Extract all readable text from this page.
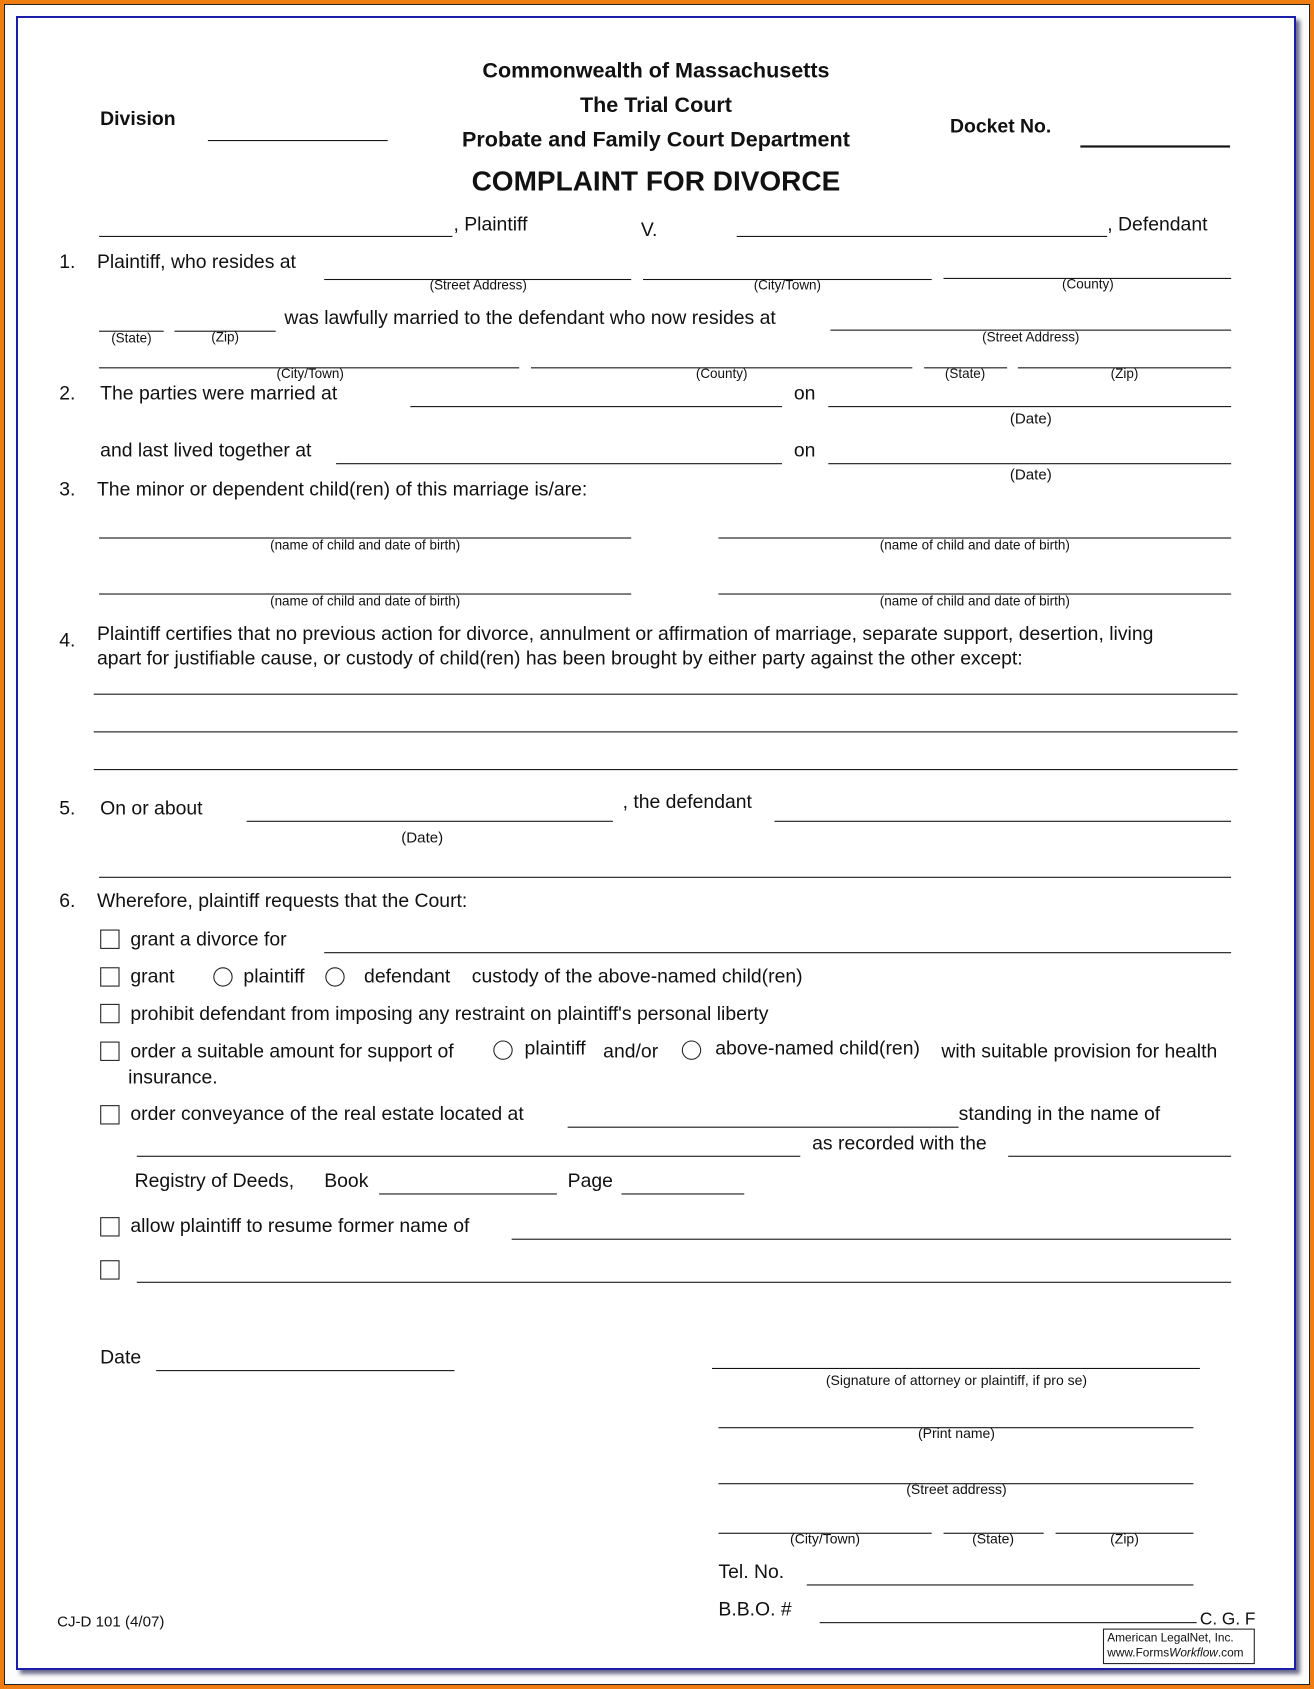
Commonwealth of Massachusetts
The Trial Court
Probate and Family Court Department
COMPLAINT FOR DIVORCE
Division	Docket No.
, Plaintiff	V.	, Defendant
1. Plaintiff, who resides at
(Street Address)	(City/Town)	(County)
(State)	(Zip)
was lawfully married to the defendant who now resides at
(Street Address)
(City/Town)	(County)	(State)	(Zip)
2. The parties were married at	on
(Date)
and last lived together at	on
(Date)
3. The minor or dependent child(ren) of this marriage is/are:
(name of child and date of birth)	(name of child and date of birth)
(name of child and date of birth)	(name of child and date of birth)
4. Plaintiff certifies that no previous action for divorce, annulment or affirmation of marriage, separate support, desertion, living
apart for justifiable cause, or custody of child(ren) has been brought by either party against the other except:
5. On or about
(Date)
, the defendant
6. Wherefore, plaintiff requests that the Court:
grant a divorce for
grant	plaintiff	defendant custody of the above-named child(ren)
prohibit defendant from imposing any restraint on plaintiff's personal liberty
order a suitable amount for support of	plaintiff and/or	above-named child(ren) with suitable provision for health
insurance.
order conveyance of the real estate located at	standing in the name of
as recorded with the
Registry of Deeds, Book	Page
allow plaintiff to resume former name of
Date
(Signature of attorney or plaintiff, if pro se)
(Print name)
(Street address)
(City/Town)	(State)	(Zip)
Tel. No.
B.B.O. #	C. G. F
CJ-D 101 (4/07)
American LegalNet, Inc.
www.FormsWorkflow.com
